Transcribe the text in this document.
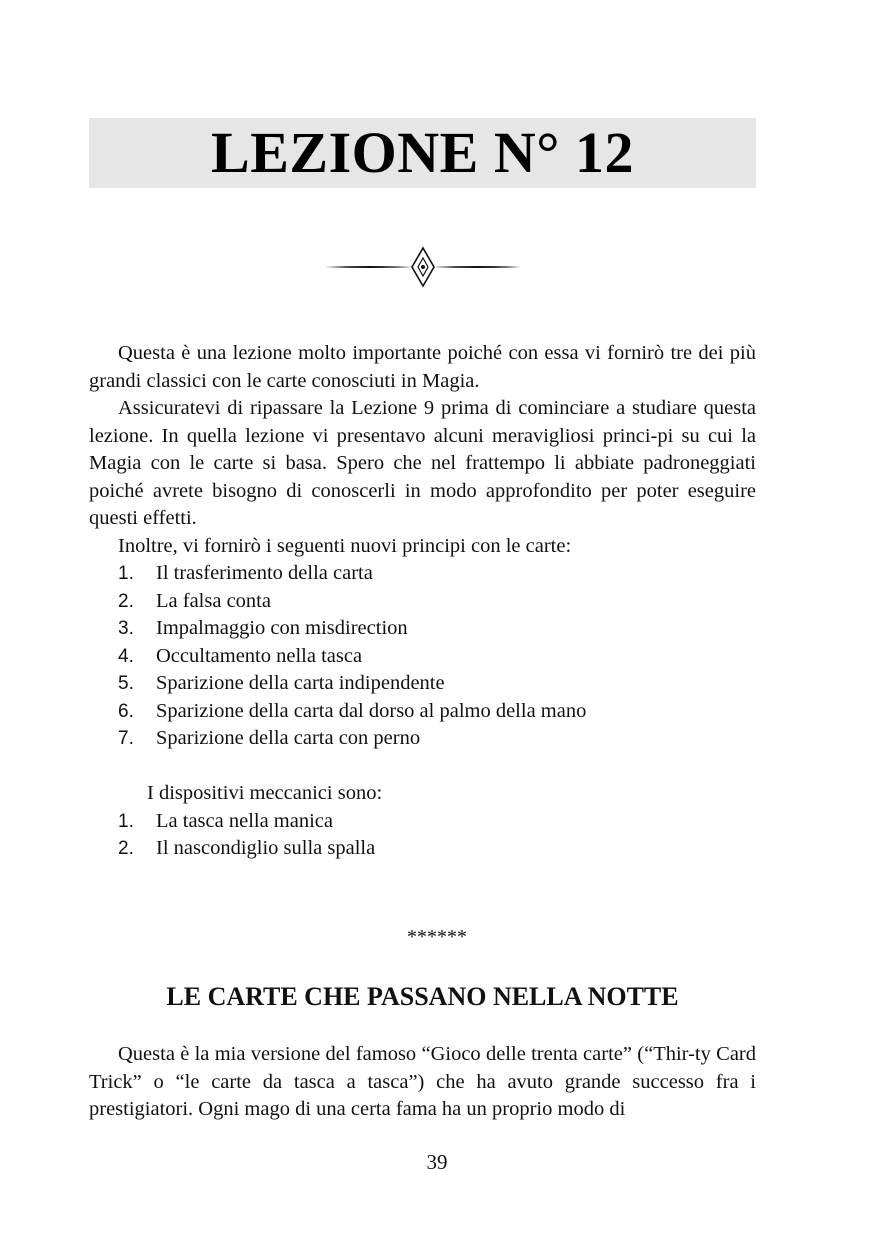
LEZIONE N° 12

Questa è una lezione molto importante poiché con essa vi fornirò tre dei più grandi classici con le carte conosciuti in Magia.

Assicuratevi di ripassare la Lezione 9 prima di cominciare a studiare questa lezione. In quella lezione vi presentavo alcuni meravigliosi princi-pi su cui la Magia con le carte si basa. Spero che nel frattempo li abbiate padroneggiati poiché avrete bisogno di conoscerli in modo approfondito per poter eseguire questi effetti.

Inoltre, vi fornirò i seguenti nuovi principi con le carte:

1.	Il trasferimento della carta
2.	La falsa conta
3.	Impalmaggio con misdirection
4.	Occultamento nella tasca
5.	Sparizione della carta indipendente
6.	Sparizione della carta dal dorso al palmo della mano
7.	Sparizione della carta con perno

I dispositivi meccanici sono:

1.	La tasca nella manica
2.	Il nascondiglio sulla spalla
******
LE CARTE CHE PASSANO NELLA NOTTE

Questa è la mia versione del famoso “Gioco delle trenta carte” (“Thir-ty Card Trick” o “le carte da tasca a tasca”) che ha avuto grande successo fra i prestigiatori. Ogni mago di una certa fama ha un proprio modo di

39
